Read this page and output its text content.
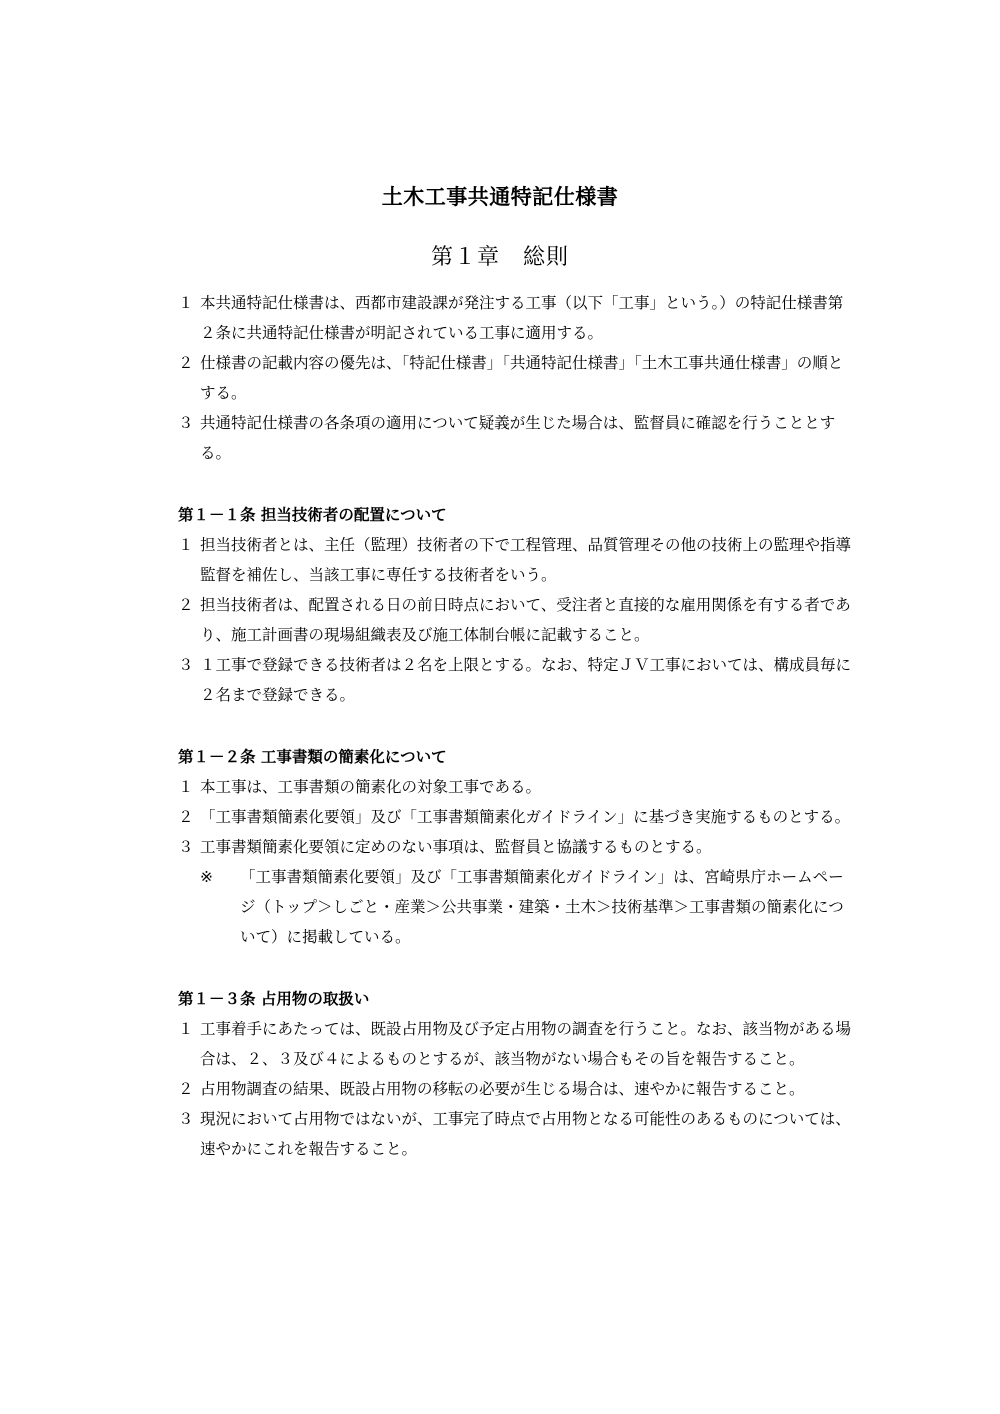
土木工事共通特記仕様書
第１章　総則
１ 本共通特記仕様書は、西都市建設課が発注する工事（以下「工事」という。）の特記仕様書第２条に共通特記仕様書が明記されている工事に適用する。
２ 仕様書の記載内容の優先は、「特記仕様書」「共通特記仕様書」「土木工事共通仕様書」の順とする。
３ 共通特記仕様書の各条項の適用について疑義が生じた場合は、監督員に確認を行うこととする。
第１－１条 担当技術者の配置について
１ 担当技術者とは、主任（監理）技術者の下で工程管理、品質管理その他の技術上の監理や指導監督を補佐し、当該工事に専任する技術者をいう。
２ 担当技術者は、配置される日の前日時点において、受注者と直接的な雇用関係を有する者であり、施工計画書の現場組織表及び施工体制台帳に記載すること。
３ １工事で登録できる技術者は２名を上限とする。なお、特定ＪＶ工事においては、構成員毎に２名まで登録できる。
第１－２条 工事書類の簡素化について
１ 本工事は、工事書類の簡素化の対象工事である。
２ 「工事書類簡素化要領」及び「工事書類簡素化ガイドライン」に基づき実施するものとする。
３ 工事書類簡素化要領に定めのない事項は、監督員と協議するものとする。
※ 「工事書類簡素化要領」及び「工事書類簡素化ガイドライン」は、宮崎県庁ホームページ（トップ＞しごと・産業＞公共事業・建築・土木＞技術基準＞工事書類の簡素化について）に掲載している。
第１－３条 占用物の取扱い
１ 工事着手にあたっては、既設占用物及び予定占用物の調査を行うこと。なお、該当物がある場合は、２、３及び４によるものとするが、該当物がない場合もその旨を報告すること。
２ 占用物調査の結果、既設占用物の移転の必要が生じる場合は、速やかに報告すること。
３ 現況において占用物ではないが、工事完了時点で占用物となる可能性のあるものについては、速やかにこれを報告すること。
